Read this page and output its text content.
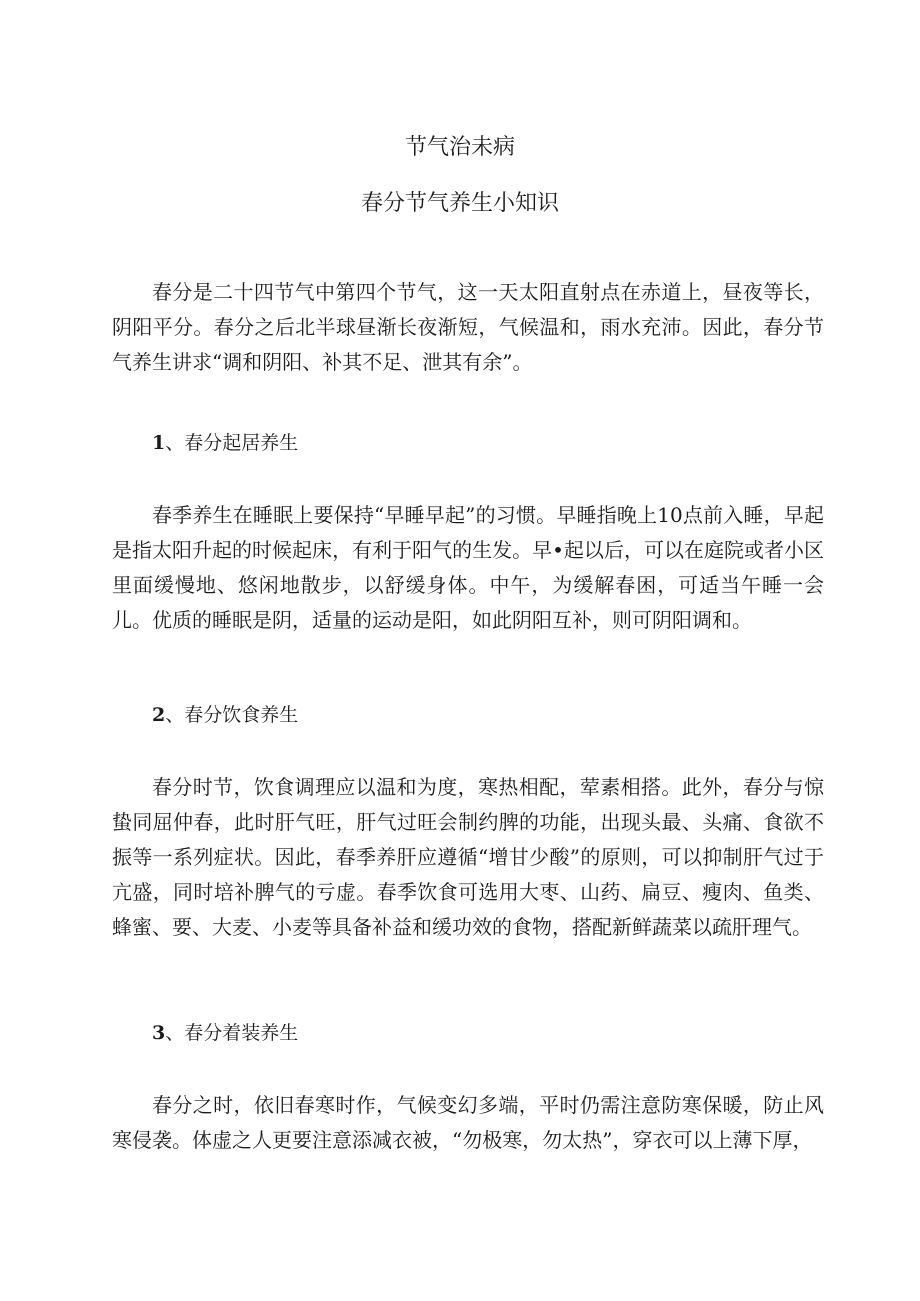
节气治未病
春分节气养生小知识

春分是二十四节气中第四个节气，这一天太阳直射点在赤道上，昼夜等长，阴阳平分。春分之后北半球昼渐长夜渐短，气候温和，雨水充沛。因此，春分节气养生讲求“调和阴阳、补其不足、泄其有余”。

1、春分起居养生

春季养生在睡眠上要保持“早睡早起”的习惯。早睡指晚上10点前入睡，早起是指太阳升起的时候起床，有利于阳气的生发。早•起以后，可以在庭院或者小区里面缓慢地、悠闲地散步，以舒缓身体。中午，为缓解春困，可适当午睡一会儿。优质的睡眠是阴，适量的运动是阳，如此阴阳互补，则可阴阳调和。

2、春分饮食养生

春分时节，饮食调理应以温和为度，寒热相配，荤素相搭。此外，春分与惊蛰同屈仲春，此时肝气旺，肝气过旺会制约脾的功能，出现头最、头痛、食欲不振等一系列症状。因此，春季养肝应遵循“增甘少酸”的原则，可以抑制肝气过于亢盛，同时培补脾气的亏虚。春季饮食可选用大枣、山药、扁豆、瘦肉、鱼类、蜂蜜、要、大麦、小麦等具备补益和缓功效的食物，搭配新鲜蔬菜以疏肝理气。

3、春分着装养生

春分之时，依旧春寒时作，气候变幻多端，平时仍需注意防寒保暖，防止风寒侵袭。体虚之人更要注意添减衣被，“勿极寒，勿太热”，穿衣可以上薄下厚，
